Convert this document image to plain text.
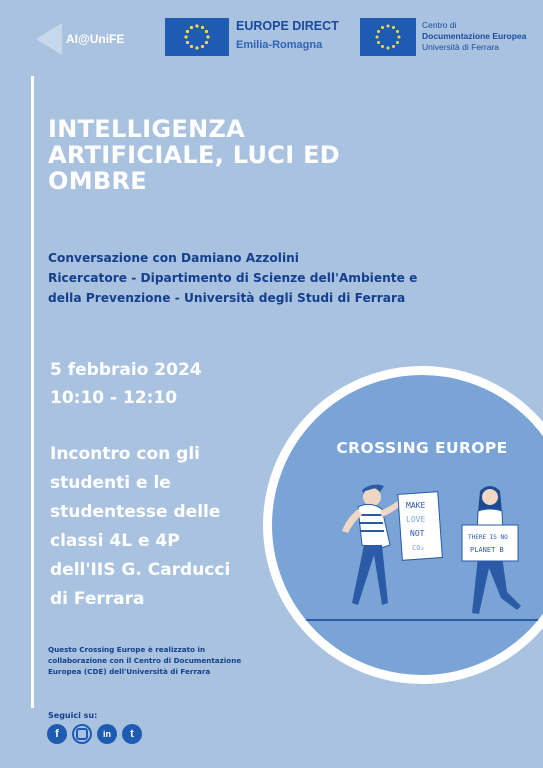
AI@UniFE
EUROPE DIRECT
Emilia-Romagna
Centro di
Documentazione Europea
Università di Ferrara
INTELLIGENZA
ARTIFICIALE, LUCI ED
OMBRE
Conversazione con Damiano Azzolini
Ricercatore - Dipartimento di Scienze dell'Ambiente e
della Prevenzione - Università degli Studi di Ferrara
5 febbraio 2024
10:10 - 12:10
Incontro con gli
studenti e le
studentesse delle
classi 4L e 4P
dell'IIS G. Carducci
di Ferrara
CROSSING EUROPE
MAKE
LOVE
NOT
CO₂
THERE IS NO
PLANET B
Questo Crossing Europe è realizzato in
collaborazione con il Centro di Documentazione
Europea (CDE) dell'Università di Ferrara
Seguici su:
f	in t
